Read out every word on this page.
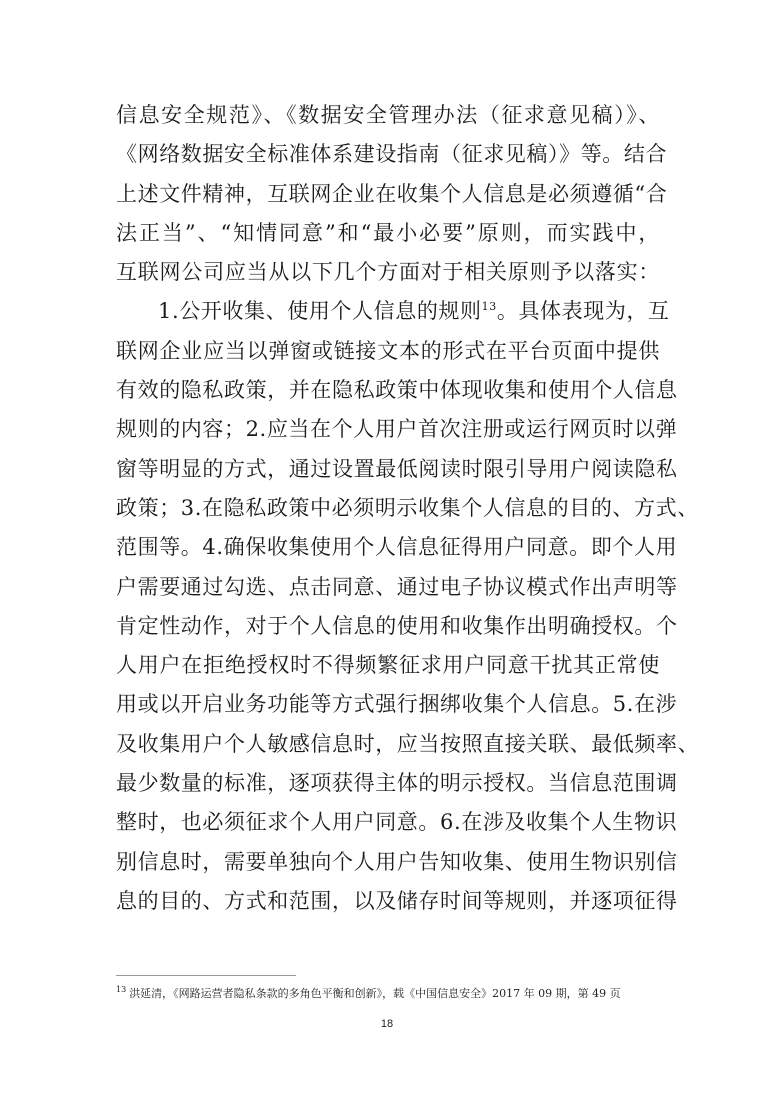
信息安全规范》、《数据安全管理办法（征求意见稿）》、
《网络数据安全标准体系建设指南（征求见稿）》等。结合
上述文件精神，互联网企业在收集个人信息是必须遵循“合
法正当”、“知情同意”和“最小必要”原则，而实践中，
互联网公司应当从以下几个方面对于相关原则予以落实：
1.公开收集、使用个人信息的规则$^{13}$。具体表现为，互
联网企业应当以弹窗或链接文本的形式在平台页面中提供
有效的隐私政策，并在隐私政策中体现收集和使用个人信息
规则的内容；2.应当在个人用户首次注册或运行网页时以弹
窗等明显的方式，通过设置最低阅读时限引导用户阅读隐私
政策；3.在隐私政策中必须明示收集个人信息的目的、方式、
范围等。4.确保收集使用个人信息征得用户同意。即个人用
户需要通过勾选、点击同意、通过电子协议模式作出声明等
肯定性动作，对于个人信息的使用和收集作出明确授权。个
人用户在拒绝授权时不得频繁征求用户同意干扰其正常使
用或以开启业务功能等方式强行捆绑收集个人信息。5.在涉
及收集用户个人敏感信息时，应当按照直接关联、最低频率、
最少数量的标准，逐项获得主体的明示授权。当信息范围调
整时，也必须征求个人用户同意。6.在涉及收集个人生物识
别信息时，需要单独向个人用户告知收集、使用生物识别信
息的目的、方式和范围，以及储存时间等规则，并逐项征得
$^{13}$ 洪延清，《网路运营者隐私条款的多角色平衡和创新》，载《中国信息安全》2017 年 09 期，第 49 页
18
